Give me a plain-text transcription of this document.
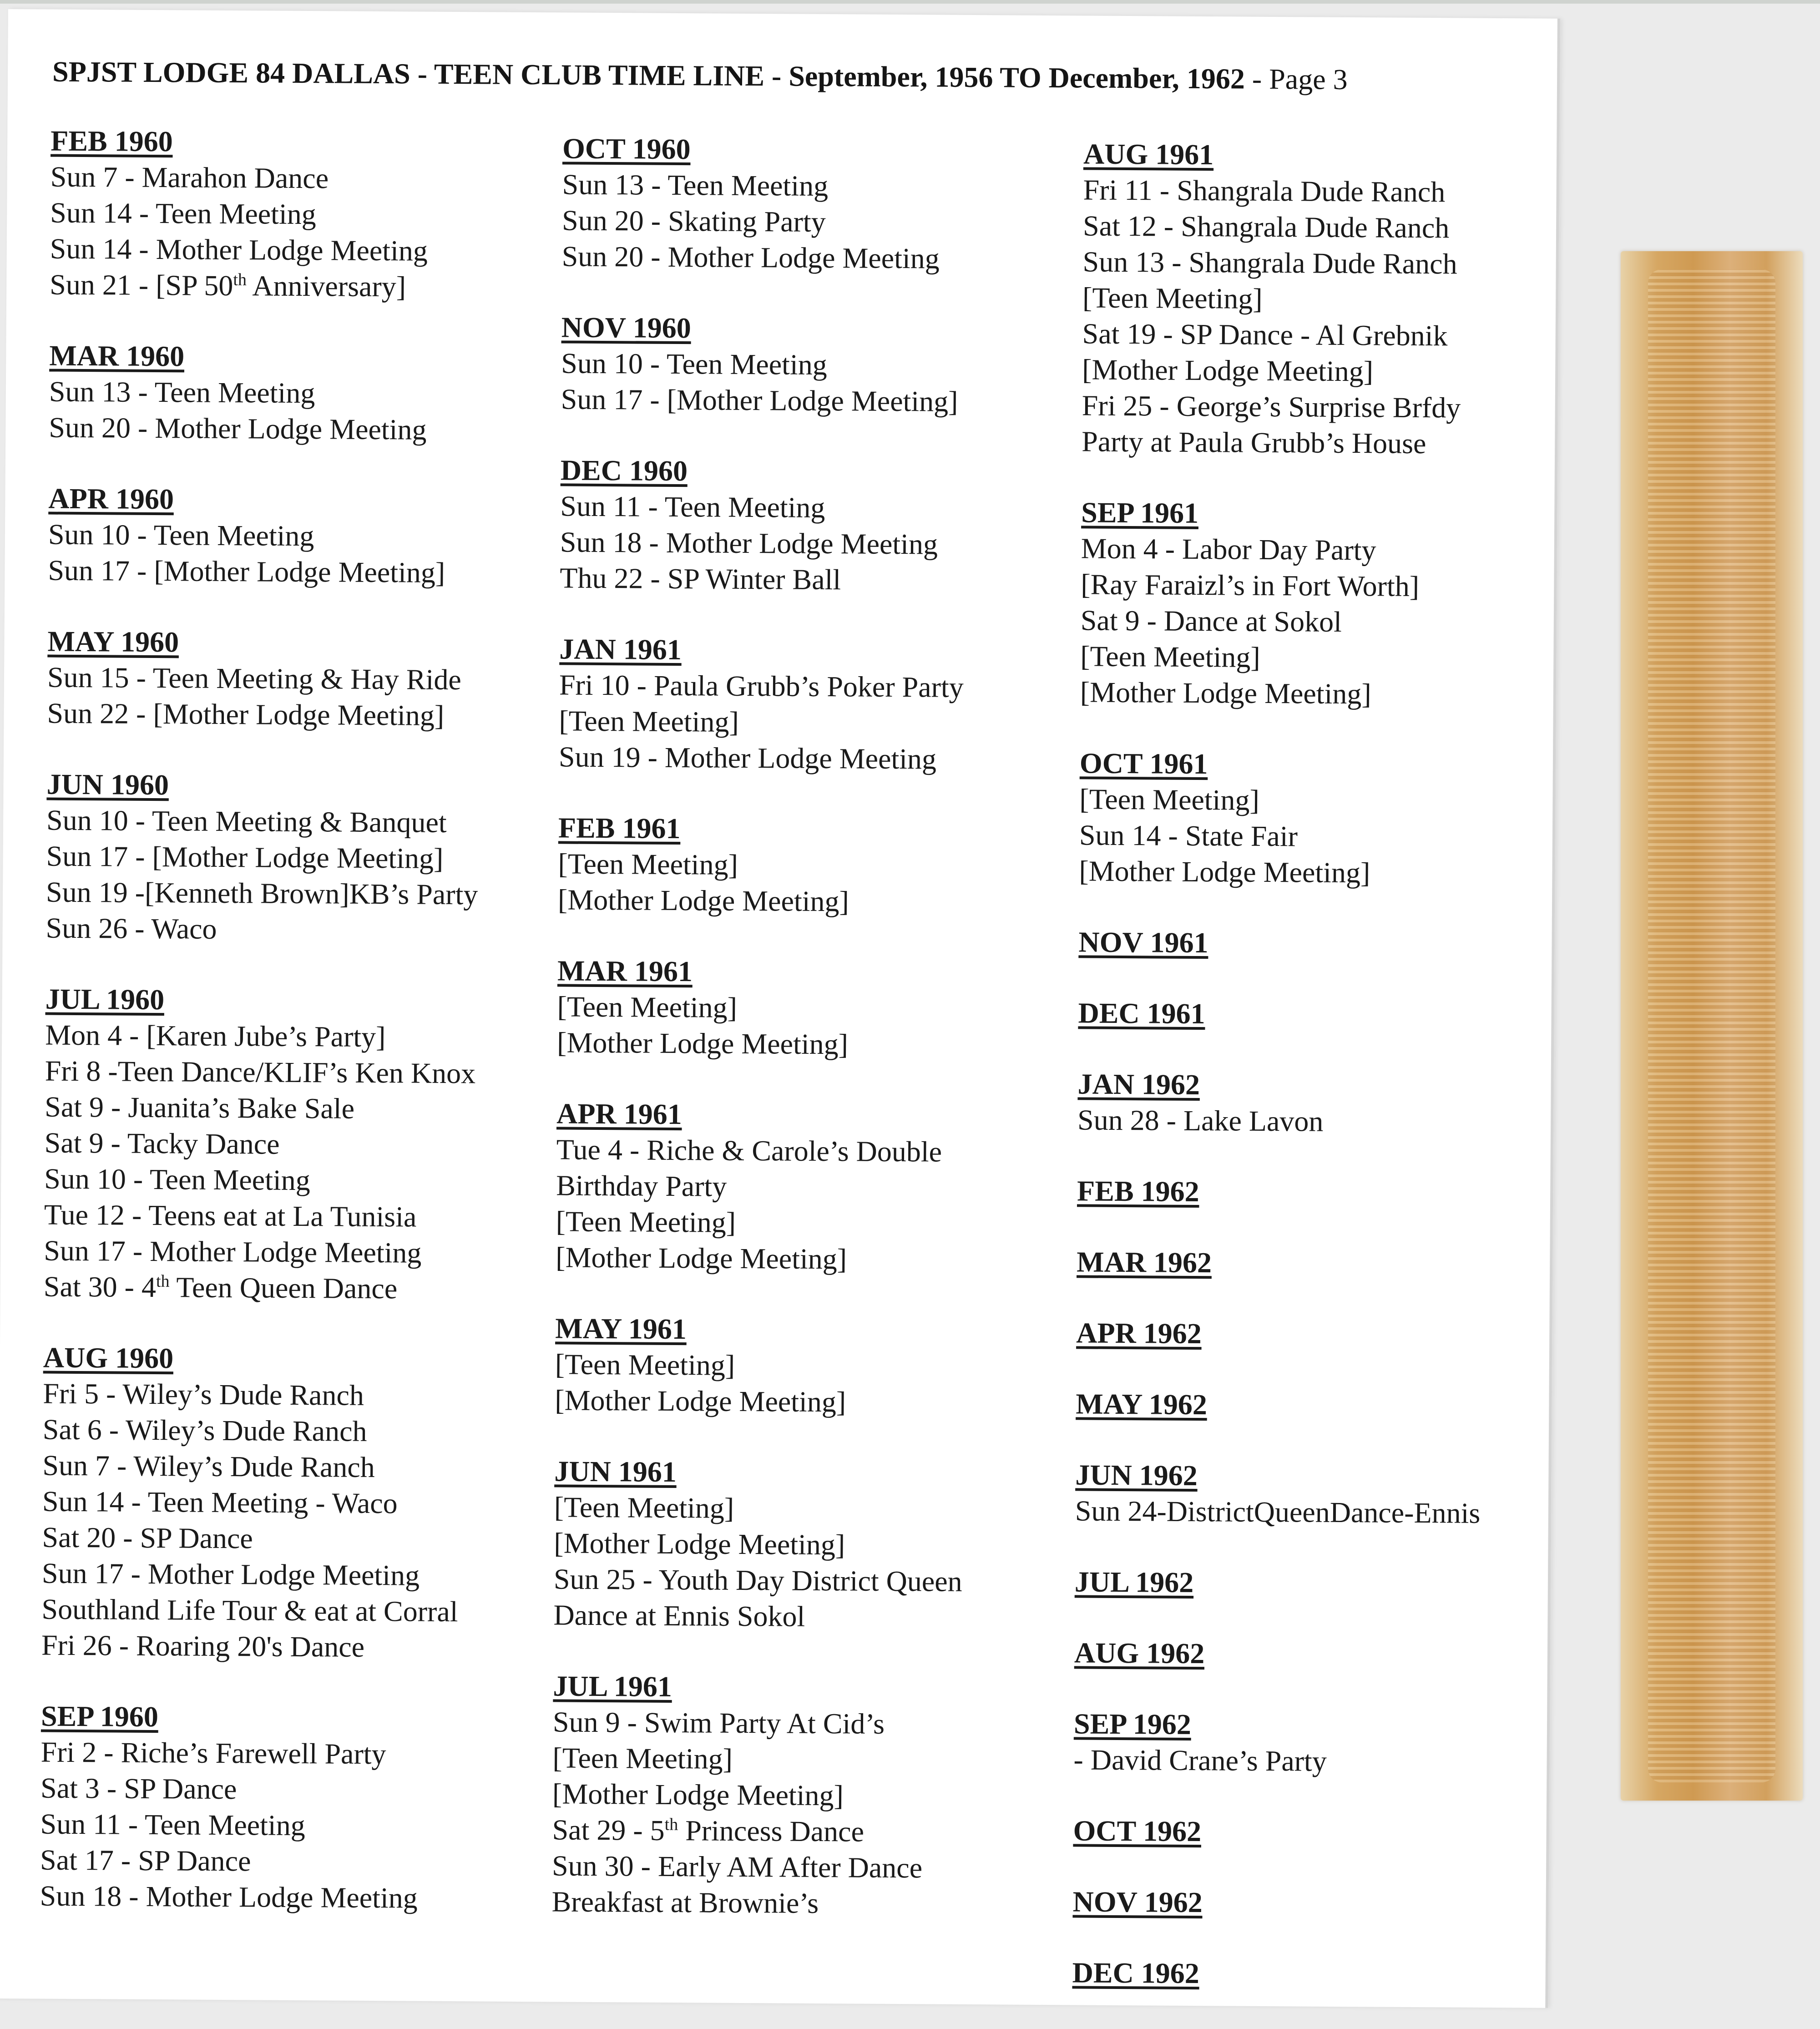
SPJST LODGE 84 DALLAS - TEEN CLUB TIME LINE - September, 1956 TO December, 1962 - Page 3
FEB 1960
Sun 7 - Marahon Dance
Sun 14 - Teen Meeting
Sun 14 - Mother Lodge Meeting
Sun 21 - [SP 50th Anniversary]
MAR 1960
Sun 13 - Teen Meeting
Sun 20 - Mother Lodge Meeting
APR 1960
Sun 10 - Teen Meeting
Sun 17 - [Mother Lodge Meeting]
MAY 1960
Sun 15 - Teen Meeting & Hay Ride
Sun 22 - [Mother Lodge Meeting]
JUN 1960
Sun 10 - Teen Meeting & Banquet
Sun 17 - [Mother Lodge Meeting]
Sun 19 -[Kenneth Brown]KB’s Party
Sun 26 - Waco
JUL 1960
Mon 4 - [Karen Jube’s Party]
Fri 8 -Teen Dance/KLIF’s Ken Knox
Sat 9 - Juanita’s Bake Sale
Sat 9 - Tacky Dance
Sun 10 - Teen Meeting
Tue 12 - Teens eat at La Tunisia
Sun 17 - Mother Lodge Meeting
Sat 30 - 4th Teen Queen Dance
AUG 1960
Fri 5 - Wiley’s Dude Ranch
Sat 6 - Wiley’s Dude Ranch
Sun 7 - Wiley’s Dude Ranch
Sun 14 - Teen Meeting - Waco
Sat 20 - SP Dance
Sun 17 - Mother Lodge Meeting
Southland Life Tour & eat at Corral
Fri 26 - Roaring 20's Dance
SEP 1960
Fri 2 - Riche’s Farewell Party
Sat 3 - SP Dance
Sun 11 - Teen Meeting
Sat 17 - SP Dance
Sun 18 - Mother Lodge Meeting
OCT 1960
Sun 13 - Teen Meeting
Sun 20 - Skating Party
Sun 20 - Mother Lodge Meeting
NOV 1960
Sun 10 - Teen Meeting
Sun 17 - [Mother Lodge Meeting]
DEC 1960
Sun 11 - Teen Meeting
Sun 18 - Mother Lodge Meeting
Thu 22 - SP Winter Ball
JAN 1961
Fri 10 - Paula Grubb’s Poker Party
[Teen Meeting]
Sun 19 - Mother Lodge Meeting
FEB 1961
[Teen Meeting]
[Mother Lodge Meeting]
MAR 1961
[Teen Meeting]
[Mother Lodge Meeting]
APR 1961
Tue 4 - Riche & Carole’s Double
Birthday Party
[Teen Meeting]
[Mother Lodge Meeting]
MAY 1961
[Teen Meeting]
[Mother Lodge Meeting]
JUN 1961
[Teen Meeting]
[Mother Lodge Meeting]
Sun 25 - Youth Day District Queen
Dance at Ennis Sokol
JUL 1961
Sun 9 - Swim Party At Cid’s
[Teen Meeting]
[Mother Lodge Meeting]
Sat 29 - 5th Princess Dance
Sun 30 - Early AM After Dance
Breakfast at Brownie’s
AUG 1961
Fri 11 - Shangrala Dude Ranch
Sat 12 - Shangrala Dude Ranch
Sun 13 - Shangrala Dude Ranch
[Teen Meeting]
Sat 19 - SP Dance - Al Grebnik
[Mother Lodge Meeting]
Fri 25 - George’s Surprise Brfdy
Party at Paula Grubb’s House
SEP 1961
Mon 4 - Labor Day Party
[Ray Faraizl’s in Fort Worth]
Sat 9 - Dance at Sokol
[Teen Meeting]
[Mother Lodge Meeting]
OCT 1961
[Teen Meeting]
Sun 14 - State Fair
[Mother Lodge Meeting]
NOV 1961
DEC 1961
JAN 1962
Sun 28 - Lake Lavon
FEB 1962
MAR 1962
APR 1962
MAY 1962
JUN 1962
Sun 24-DistrictQueenDance-Ennis
JUL 1962
AUG 1962
SEP 1962
- David Crane’s Party
OCT 1962
NOV 1962
DEC 1962
